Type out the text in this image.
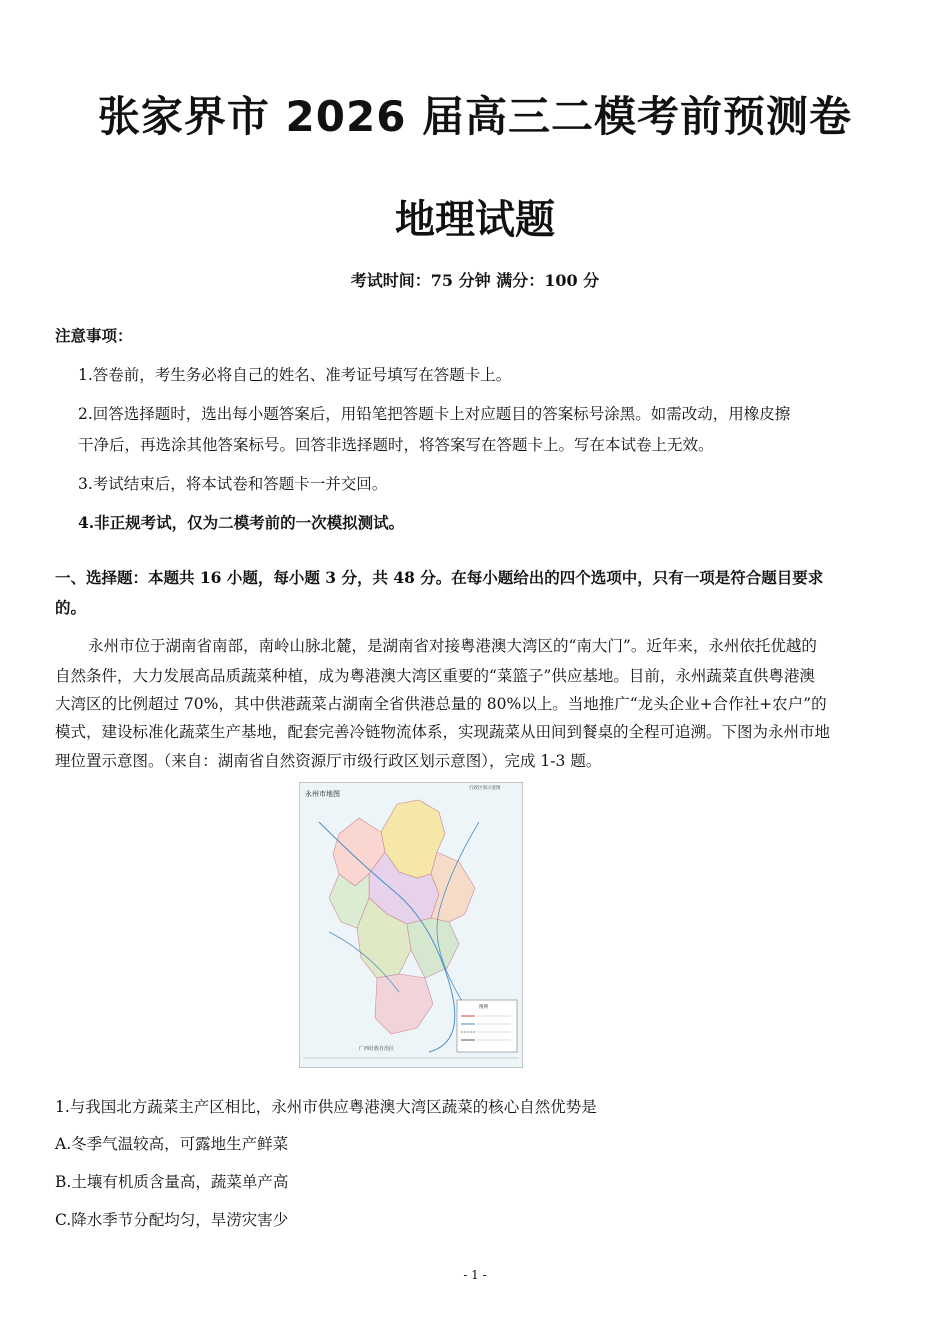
张家界市 2026 届高三二模考前预测卷
地理试题
考试时间：75 分钟 满分：100 分
注意事项：
1.答卷前，考生务必将自己的姓名、准考证号填写在答题卡上。
2.回答选择题时，选出每小题答案后，用铅笔把答题卡上对应题目的答案标号涂黑。如需改动，用橡皮擦
干净后，再选涂其他答案标号。回答非选择题时，将答案写在答题卡上。写在本试卷上无效。
3.考试结束后，将本试卷和答题卡一并交回。
4.非正规考试，仅为二模考前的一次模拟测试。
一、选择题：本题共 16 小题，每小题 3 分，共 48 分。在每小题给出的四个选项中，只有一项是符合题目要求
的。
永州市位于湖南省南部，南岭山脉北麓，是湖南省对接粤港澳大湾区的“南大门”。近年来，永州依托优越的
自然条件，大力发展高品质蔬菜种植，成为粤港澳大湾区重要的“菜篮子”供应基地。目前，永州蔬菜直供粤港澳
大湾区的比例超过 70%，其中供港蔬菜占湖南全省供港总量的 80%以上。当地推广“龙头企业+合作社+农户”的
模式，建设标准化蔬菜生产基地，配套完善冷链物流体系，实现蔬菜从田间到餐桌的全程可追溯。下图为永州市地
理位置示意图。（来自：湖南省自然资源厅市级行政区划示意图），完成 1-3 题。
永州市地图
行政区划示意图
图例
广西壮族自治区
1.与我国北方蔬菜主产区相比，永州市供应粤港澳大湾区蔬菜的核心自然优势是
A.冬季气温较高，可露地生产鲜菜
B.土壤有机质含量高，蔬菜单产高
C.降水季节分配均匀，旱涝灾害少
- 1 -
